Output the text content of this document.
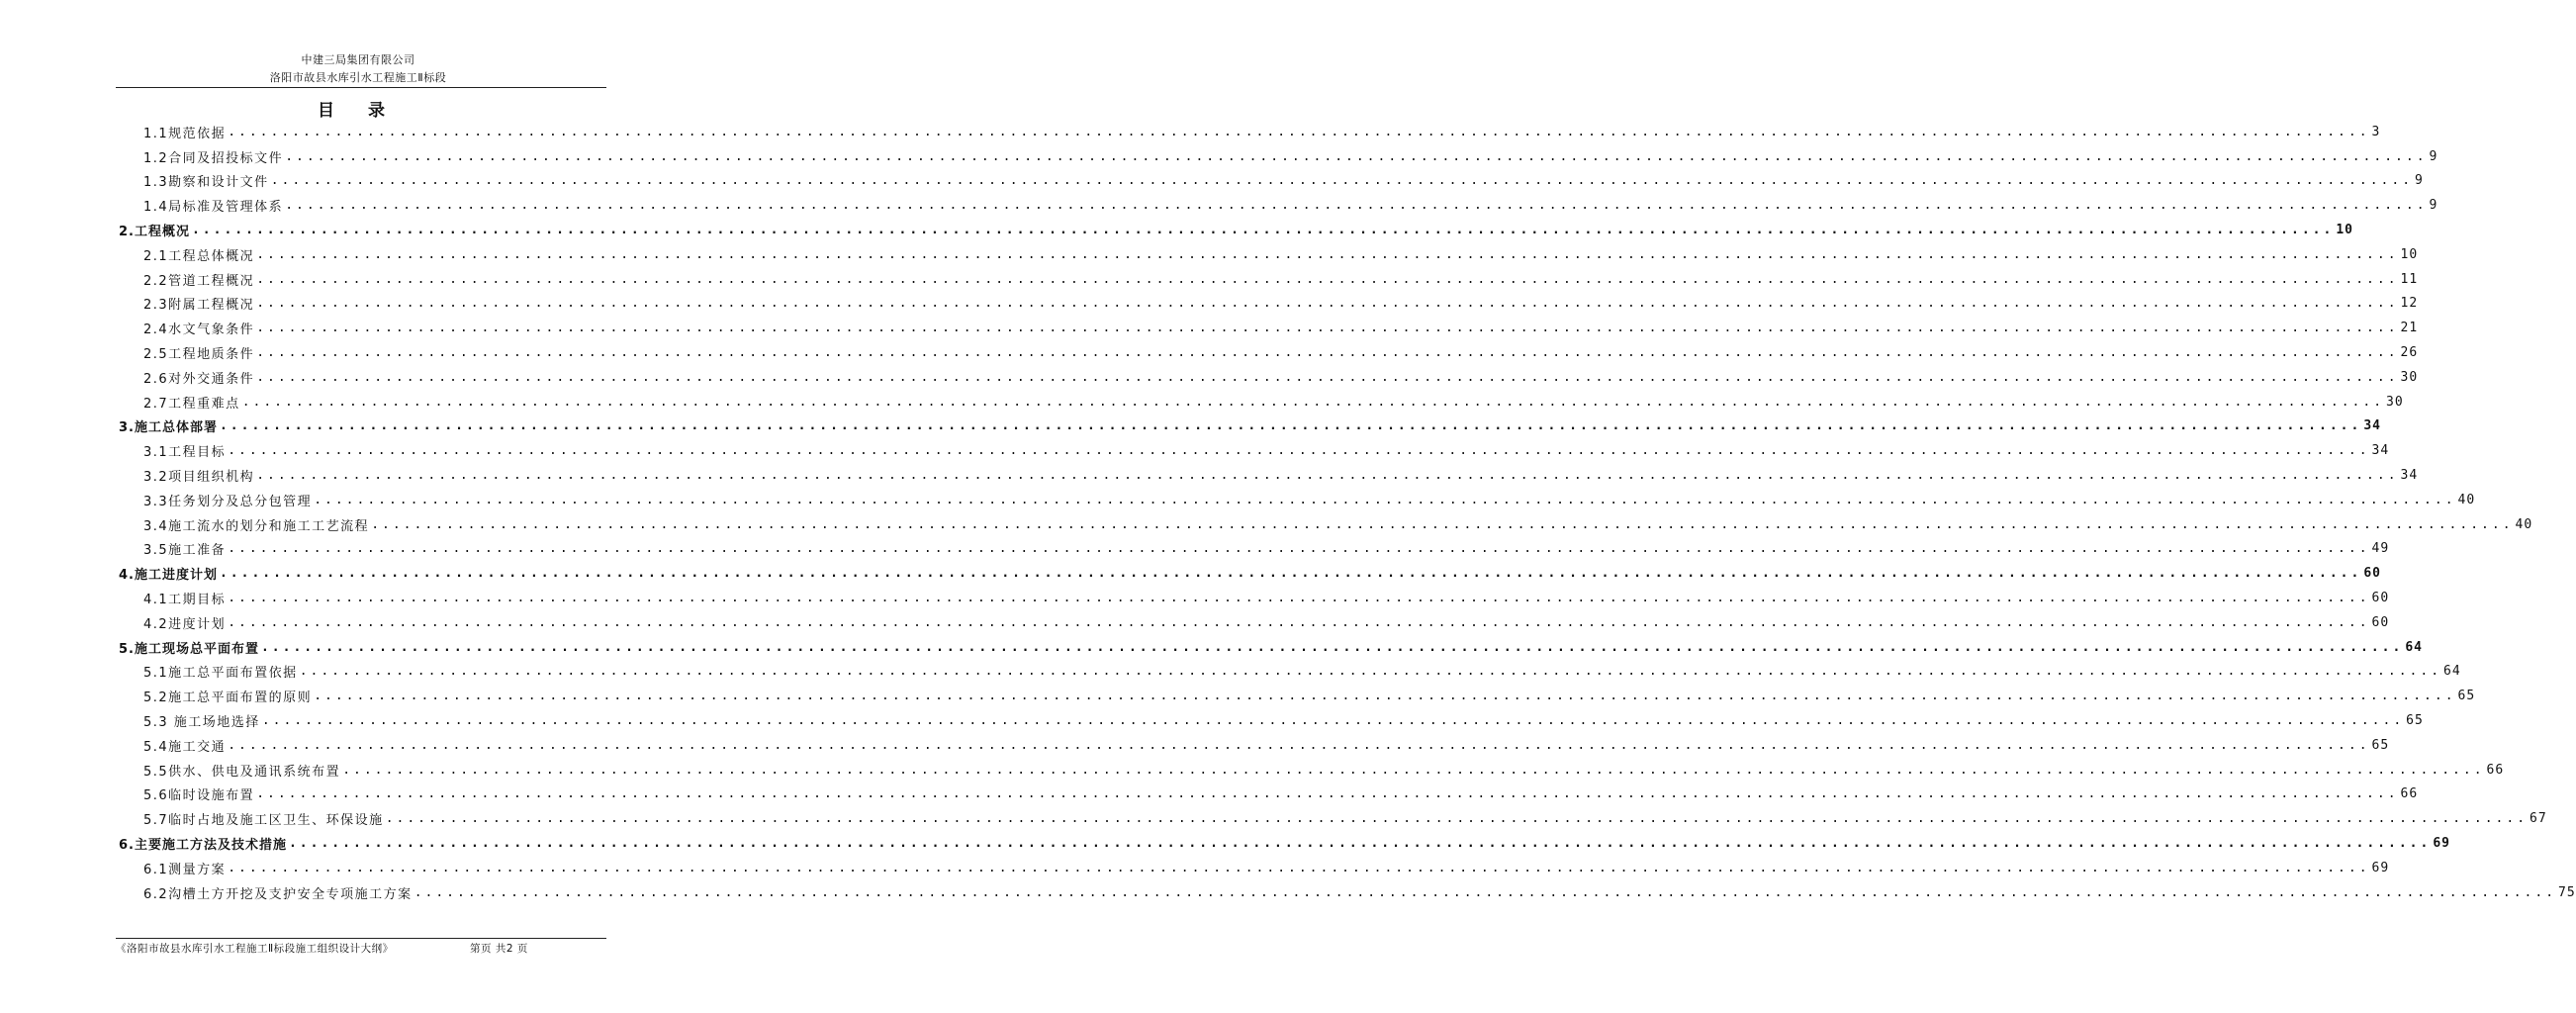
中建三局集团有限公司
洛阳市故县水库引水工程施工Ⅱ标段
目 录
1.1规范依据 ........................................................................................................................................................................................................ 3
1.2合同及招投标文件 ........................................................................................................................................................................................................ 9
1.3勘察和设计文件 ........................................................................................................................................................................................................ 9
1.4局标准及管理体系 ........................................................................................................................................................................................................ 9
2.工程概况 ........................................................................................................................................................................................................ 10
2.1工程总体概况 ........................................................................................................................................................................................................ 10
2.2管道工程概况 ........................................................................................................................................................................................................ 11
2.3附属工程概况 ........................................................................................................................................................................................................ 12
2.4水文气象条件 ........................................................................................................................................................................................................ 21
2.5工程地质条件 ........................................................................................................................................................................................................ 26
2.6对外交通条件 ........................................................................................................................................................................................................ 30
2.7工程重难点 ........................................................................................................................................................................................................ 30
3.施工总体部署 ........................................................................................................................................................................................................ 34
3.1工程目标 ........................................................................................................................................................................................................ 34
3.2项目组织机构 ........................................................................................................................................................................................................ 34
3.3任务划分及总分包管理 ........................................................................................................................................................................................................ 40
3.4施工流水的划分和施工工艺流程 ........................................................................................................................................................................................................ 40
3.5施工准备 ........................................................................................................................................................................................................ 49
4.施工进度计划 ........................................................................................................................................................................................................ 60
4.1工期目标 ........................................................................................................................................................................................................ 60
4.2进度计划 ........................................................................................................................................................................................................ 60
5.施工现场总平面布置 ........................................................................................................................................................................................................ 64
5.1施工总平面布置依据 ........................................................................................................................................................................................................ 64
5.2施工总平面布置的原则 ........................................................................................................................................................................................................ 65
5.3 施工场地选择 ........................................................................................................................................................................................................ 65
5.4施工交通 ........................................................................................................................................................................................................ 65
5.5供水、供电及通讯系统布置 ........................................................................................................................................................................................................ 66
5.6临时设施布置 ........................................................................................................................................................................................................ 66
5.7临时占地及施工区卫生、环保设施 ........................................................................................................................................................................................................ 67
6.主要施工方法及技术措施 ........................................................................................................................................................................................................ 69
6.1测量方案 ........................................................................................................................................................................................................ 69
6.2沟槽土方开挖及支护安全专项施工方案 ........................................................................................................................................................................................................ 75
《洛阳市故县水库引水工程施工Ⅱ标段施工组织设计大纲》	第页 共2 页
